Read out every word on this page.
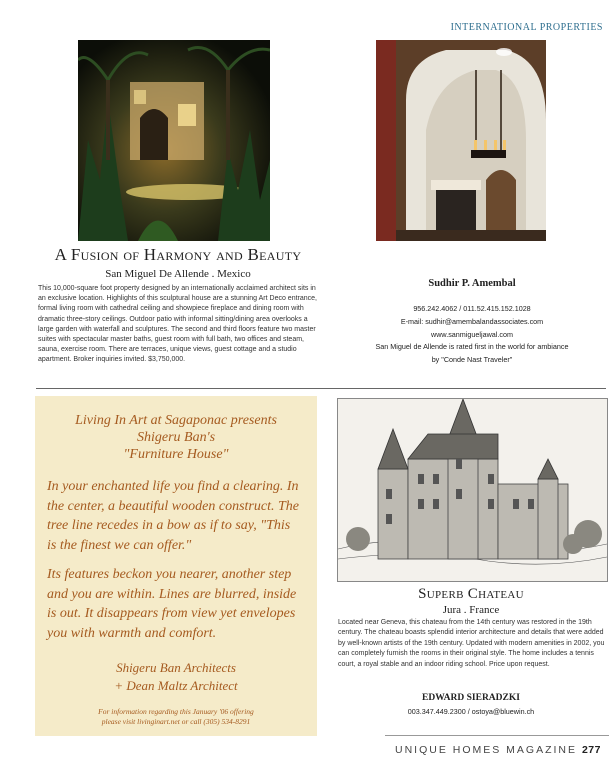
INTERNATIONAL PROPERTIES
A Fusion of Harmony and Beauty
San Miguel De Allende . Mexico
This 10,000-square foot property designed by an internationally acclaimed architect sits in an exclusive location. Highlights of this sculptural house are a stunning Art Deco entrance, formal living room with cathedral ceiling and showpiece fireplace and dining room with dramatic three-story ceilings. Outdoor patio with informal sitting/dining area overlooks a large garden with waterfall and sculptures. The second and third floors feature two master suites with spectacular master baths, guest room with full bath, two offices and steam, sauna, exercise room. There are terraces, unique views, guest cottage and a studio apartment. Broker inquiries invited. $3,750,000.
Sudhir P. Amembal
956.242.4062 / 011.52.415.152.1028
E-mail: sudhir@amembalandassociates.com
www.sanmigueljawal.com
San Miguel de Allende is rated first in the world for ambiance
by "Conde Nast Traveler"
Living In Art at Sagaponac presents
Shigeru Ban's
"Furniture House"
In your enchanted life you find a clearing. In the center, a beautiful wooden construct. The tree line recedes in a bow as if to say, "This is the finest we can offer."
Its features beckon you nearer, another step and you are within. Lines are blurred, inside is out. It disappears from view yet envelopes you with warmth and comfort.
Shigeru Ban Architects
+ Dean Maltz Architect
For information regarding this January '06 offering
please visit livinginart.net or call (305) 534-8291
Superb Chateau
Jura . France
Located near Geneva, this chateau from the 14th century was restored in the 19th century. The chateau boasts splendid interior architecture and details that were added by well-known artists of the 19th century. Updated with modern amenities in 2002, you can completely furnish the rooms in their original style. The home includes a tennis court, a royal stable and an indoor riding school. Price upon request.
EDWARD SIERADZKI
003.347.449.2300 / ostoya@bluewin.ch
UNIQUE HOMES MAGAZINE 277
